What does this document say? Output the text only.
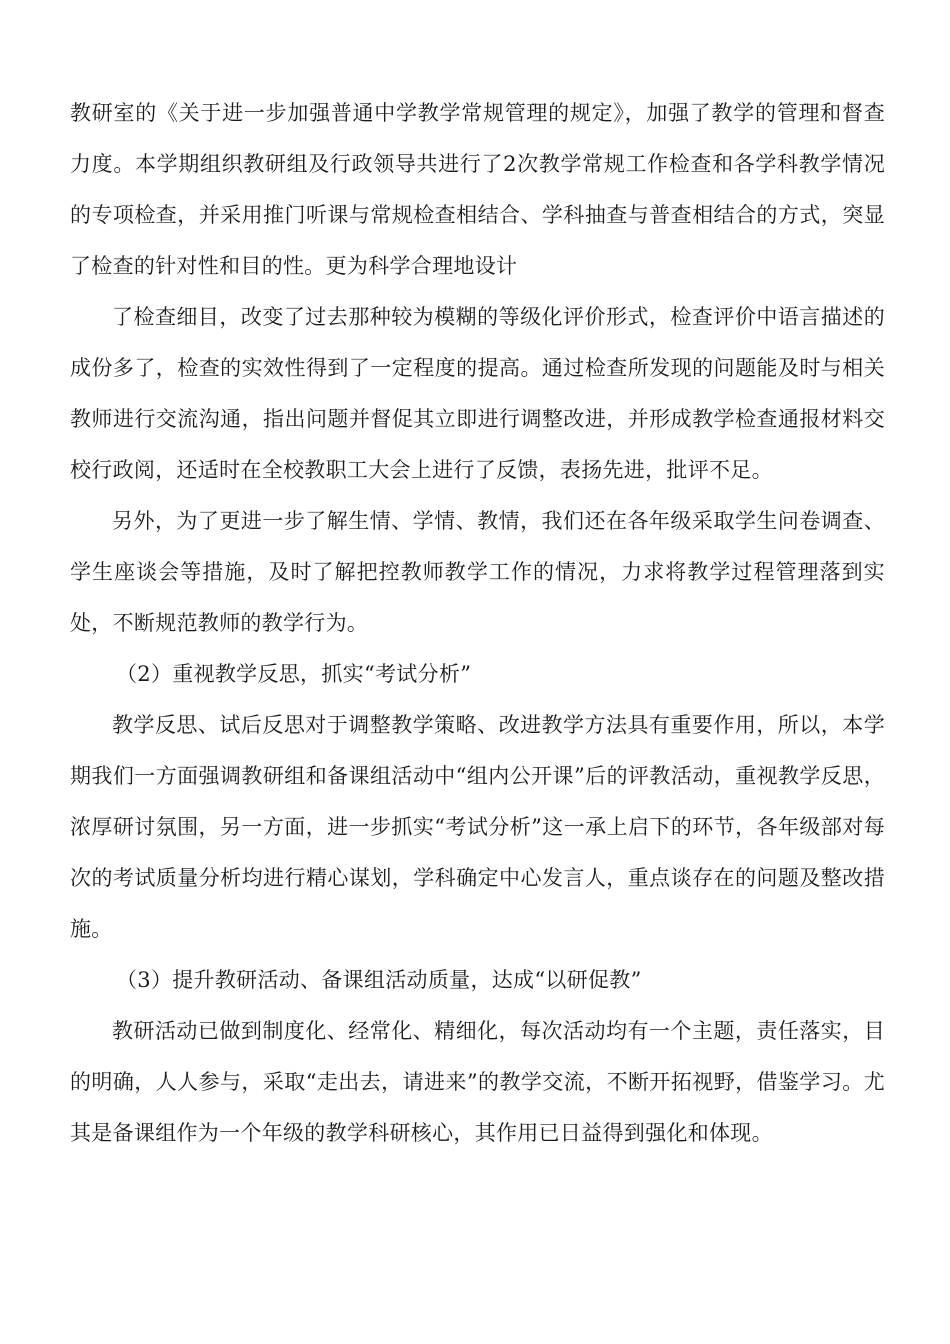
教研室的《关于进一步加强普通中学教学常规管理的规定》，加强了教学的管理和督查力度。本学期组织教研组及行政领导共进行了2次教学常规工作检查和各学科教学情况的专项检查，并采用推门听课与常规检查相结合、学科抽查与普查相结合的方式，突显了检查的针对性和目的性。更为科学合理地设计

了检查细目，改变了过去那种较为模糊的等级化评价形式，检查评价中语言描述的成份多了，检查的实效性得到了一定程度的提高。通过检查所发现的问题能及时与相关教师进行交流沟通，指出问题并督促其立即进行调整改进，并形成教学检查通报材料交校行政阅，还适时在全校教职工大会上进行了反馈，表扬先进，批评不足。

另外，为了更进一步了解生情、学情、教情，我们还在各年级采取学生问卷调查、学生座谈会等措施，及时了解把控教师教学工作的情况，力求将教学过程管理落到实处，不断规范教师的教学行为。

（2）重视教学反思，抓实“考试分析”

教学反思、试后反思对于调整教学策略、改进教学方法具有重要作用，所以，本学期我们一方面强调教研组和备课组活动中“组内公开课”后的评教活动，重视教学反思，浓厚研讨氛围，另一方面，进一步抓实“考试分析”这一承上启下的环节，各年级部对每次的考试质量分析均进行精心谋划，学科确定中心发言人，重点谈存在的问题及整改措施。

（3）提升教研活动、备课组活动质量，达成“以研促教”

教研活动已做到制度化、经常化、精细化，每次活动均有一个主题，责任落实，目的明确，人人参与，采取“走出去，请进来”的教学交流，不断开拓视野，借鉴学习。尤其是备课组作为一个年级的教学科研核心，其作用已日益得到强化和体现。
